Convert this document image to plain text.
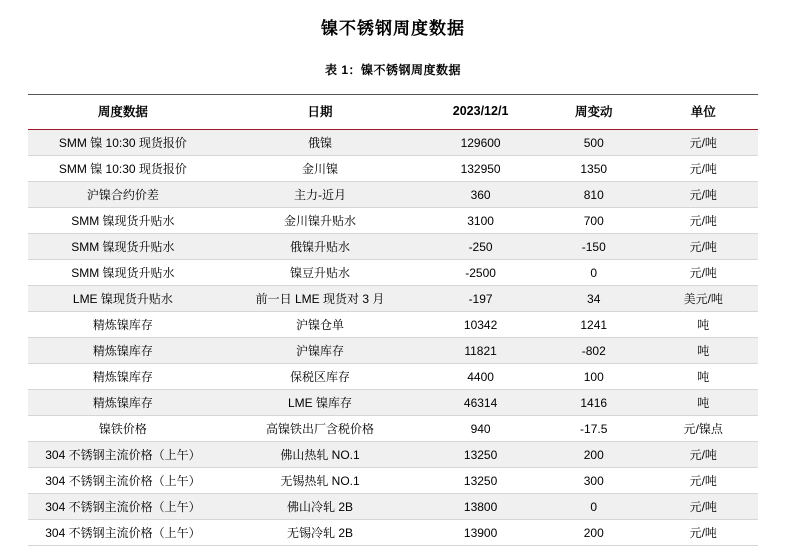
镍不锈钢周度数据
表 1：镍不锈钢周度数据
周度数据	日期	2023/12/1	周变动	单位
SMM 镍 10:30 现货报价	俄镍	129600	500	元/吨
SMM 镍 10:30 现货报价	金川镍	132950	1350	元/吨
沪镍合约价差	主力-近月	360	810	元/吨
SMM 镍现货升贴水	金川镍升贴水	3100	700	元/吨
SMM 镍现货升贴水	俄镍升贴水	-250	-150	元/吨
SMM 镍现货升贴水	镍豆升贴水	-2500	0	元/吨
LME 镍现货升贴水	前一日 LME 现货对 3 月	-197	34	美元/吨
精炼镍库存	沪镍仓单	10342	1241	吨
精炼镍库存	沪镍库存	11821	-802	吨
精炼镍库存	保税区库存	4400	100	吨
精炼镍库存	LME 镍库存	46314	1416	吨
镍铁价格	高镍铁出厂含税价格	940	-17.5	元/镍点
304 不锈钢主流价格（上午）	佛山热轧 NO.1	13250	200	元/吨
304 不锈钢主流价格（上午）	无锡热轧 NO.1	13250	300	元/吨
304 不锈钢主流价格（上午）	佛山冷轧 2B	13800	0	元/吨
304 不锈钢主流价格（上午）	无锡冷轧 2B	13900	200	元/吨
